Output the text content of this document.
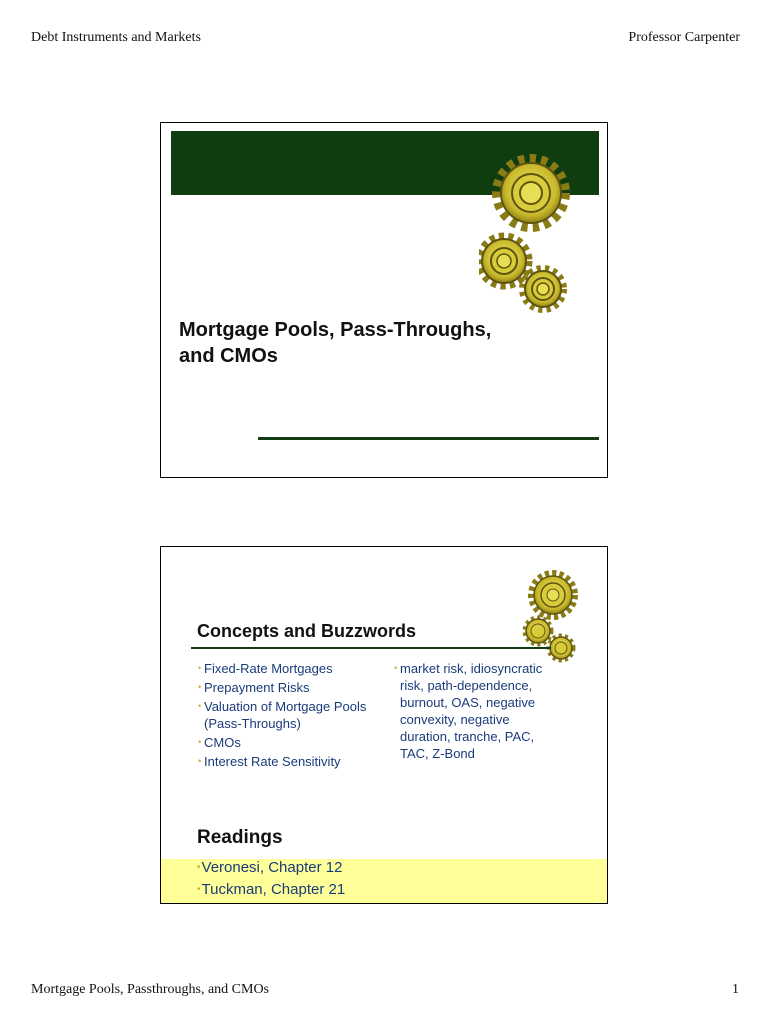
Debt Instruments and Markets	Professor Carpenter
Mortgage Pools, Pass-Throughs,
and CMOs
Concepts and Buzzwords
• Fixed-Rate Mortgages
• Prepayment Risks
• Valuation of Mortgage Pools (Pass-Throughs)
• CMOs
• Interest Rate Sensitivity
• market risk, idiosyncratic risk, path-dependence, burnout, OAS, negative convexity, negative duration, tranche, PAC, TAC, Z-Bond
Readings
•Veronesi, Chapter 12
•Tuckman, Chapter 21
Mortgage Pools, Passthroughs, and CMOs	1
